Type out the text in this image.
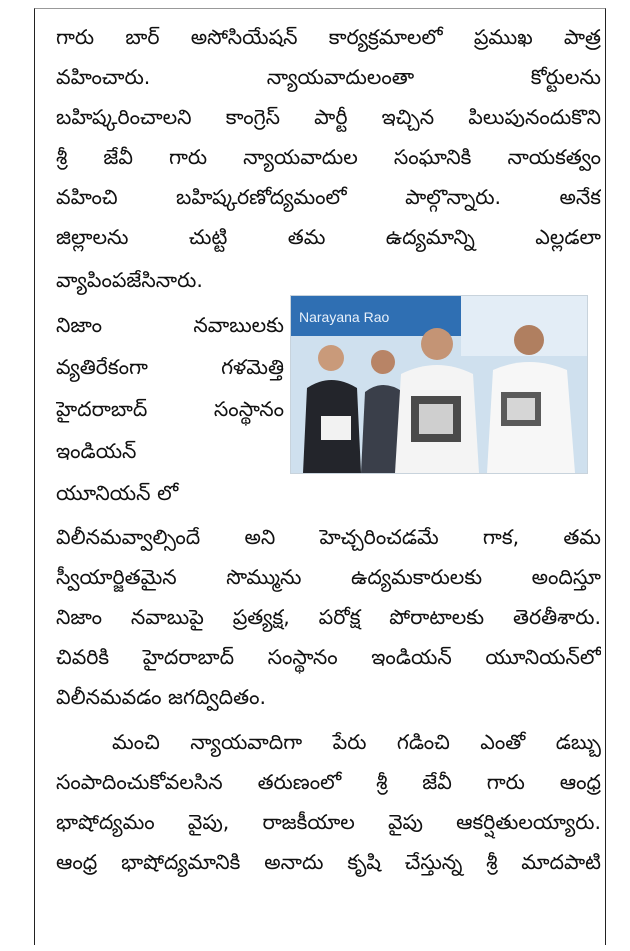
గారు బార్ అసోసియేషన్ కార్యక్రమాలలో ప్రముఖ పాత్ర
వహించారు. న్యాయవాదులంతా కోర్టులను
బహిష్కరించాలని కాంగ్రెస్ పార్టీ ఇచ్చిన పిలుపునందుకొని
శ్రీ జేవీ గారు న్యాయవాదుల సంఘానికి నాయకత్వం
వహించి బహిష్కరణోద్యమంలో పాల్గొన్నారు. అనేక
జిల్లాలను చుట్టి తమ ఉద్యమాన్ని ఎల్లడలా
వ్యాపింపజేసినారు.
నిజాం నవాబులకు
వ్యతిరేకంగా గళమెత్తి
హైదరాబాద్ సంస్థానం
ఇండియన్
యూనియన్ లో
Narayana Rao
విలీనమవ్వాల్సిందే అని హెచ్చరించడమే గాక, తమ
స్వీయార్జితమైన సొమ్మును ఉద్యమకారులకు అందిస్తూ
నిజాం నవాబుపై ప్రత్యక్ష, పరోక్ష పోరాటాలకు తెరతీశారు.
చివరికి హైదరాబాద్ సంస్థానం ఇండియన్ యూనియన్‌లో
విలీనమవడం జగద్విదితం.
మంచి న్యాయవాదిగా పేరు గడించి ఎంతో డబ్బు
సంపాదించుకోవలసిన తరుణంలో శ్రీ జేవీ గారు ఆంధ్ర
భాషోద్యమం వైపు, రాజకీయాల వైపు ఆకర్షితులయ్యారు.
ఆంధ్ర భాషోద్యమానికి అనాదు కృషి చేస్తున్న శ్రీ మాదపాటి
